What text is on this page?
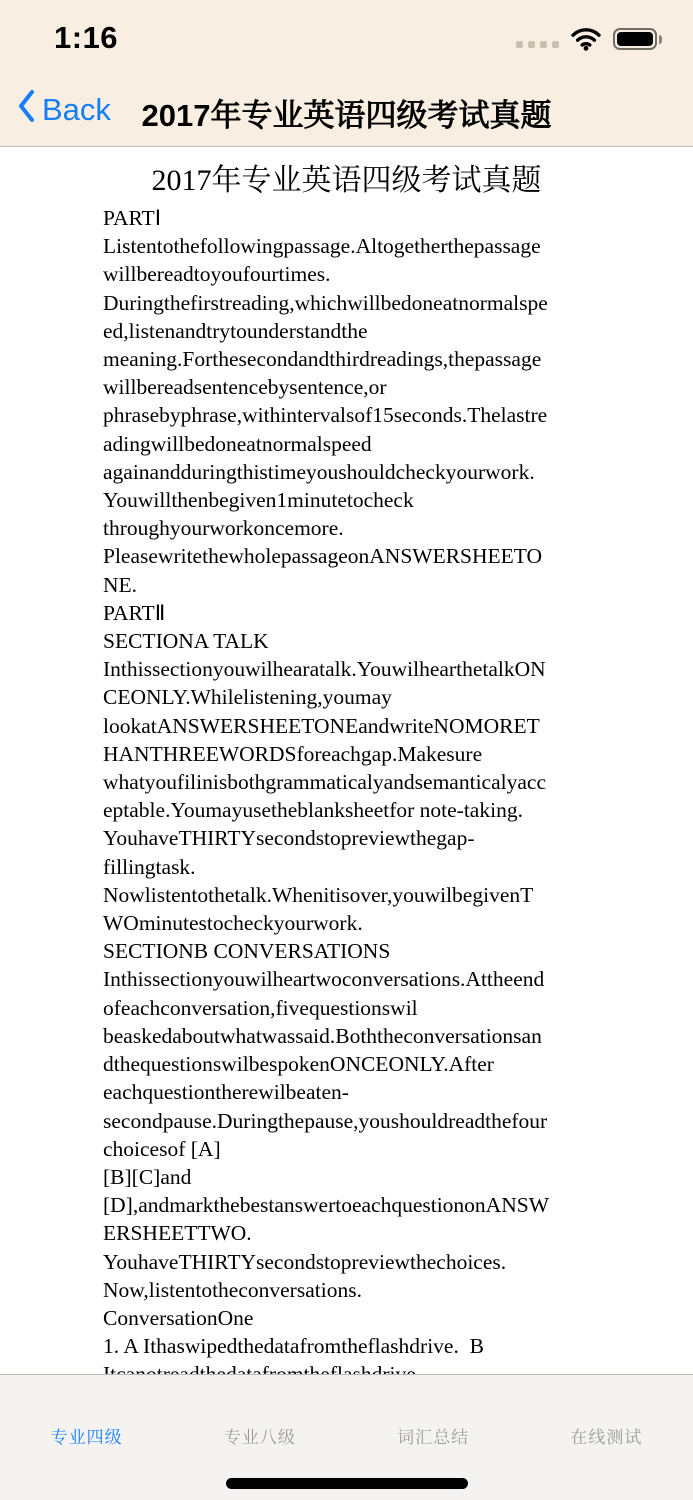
1:16
Back 2017年专业英语四级考试真题
2017年专业英语四级考试真题
PARTⅠ
Listentothefollowingpassage.Altogetherthepassage
willbereadtoyoufourtimes.
Duringthefirstreading,whichwillbedoneatnormalspe
ed,listenandtrytounderstandthe
meaning.Forthesecondandthirdreadings,thepassage
willbereadsentencebysentence,or
phrasebyphrase,withintervalsof15seconds.Thelastre
adingwillbedoneatnormalspeed
againandduringthistimeyoushouldcheckyourwork.
Youwillthenbegiven1minutetocheck
throughyourworkoncemore.
PleasewritethewholepassageonANSWERSHEETO
NE.
PARTⅡ
SECTIONA TALK
Inthissectionyouwilhearatalk.YouwilhearthetalkON
CEONLY.Whilelistening,youmay
lookatANSWERSHEETONEandwriteNOMORET
HANTHREEWORDSforeachgap.Makesure
whatyoufilinisbothgrammaticalyandsemanticalyacc
eptable.Youmayusetheblanksheetfor note-taking.
YouhaveTHIRTYsecondstopreviewthegap-
fillingtask.
Nowlistentothetalk.Whenitisover,youwilbegivenT
WOminutestocheckyourwork.
SECTIONB CONVERSATIONS
Inthissectionyouwilheartwoconversations.Attheend
ofeachconversation,fivequestionswil
beaskedaboutwhatwassaid.Boththeconversationsan
dthequestionswilbespokenONCEONLY.After
eachquestiontherewilbeaten-
secondpause.Duringthepause,youshouldreadthefour
choicesof [A]
[B][C]and
[D],andmarkthebestanswertoeachquestiononANSW
ERSHEETTWO.
YouhaveTHIRTYsecondstopreviewthechoices.
Now,listentotheconversations.
ConversationOne
1. A Ithaswipedthedatafromtheflashdrive.  B
专业四级	专业八级	词汇总结	在线测试
